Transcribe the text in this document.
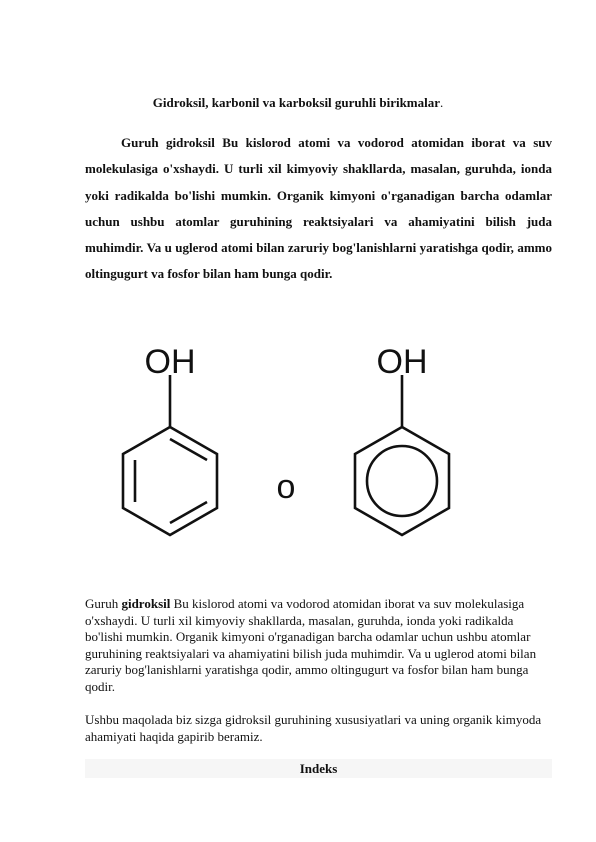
Gidroksil, karbonil va karboksil guruhli birikmalar.
Guruh gidroksil Bu kislorod atomi va vodorod atomidan iborat va suv molekulasiga o'xshaydi. U turli xil kimyoviy shakllarda, masalan, guruhda, ionda yoki radikalda bo'lishi mumkin. Organik kimyoni o'rganadigan barcha odamlar uchun ushbu atomlar guruhining reaktsiyalari va ahamiyatini bilish juda muhimdir. Va u uglerod atomi bilan zaruriy bog'lanishlarni yaratishga qodir, ammo oltingugurt va fosfor bilan ham bunga qodir.
OH
o
OH
Guruh gidroksil Bu kislorod atomi va vodorod atomidan iborat va suv molekulasiga o'xshaydi. U turli xil kimyoviy shakllarda, masalan, guruhda, ionda yoki radikalda bo'lishi mumkin. Organik kimyoni o'rganadigan barcha odamlar uchun ushbu atomlar guruhining reaktsiyalari va ahamiyatini bilish juda muhimdir. Va u uglerod atomi bilan zaruriy bog'lanishlarni yaratishga qodir, ammo oltingugurt va fosfor bilan ham bunga qodir.
Ushbu maqolada biz sizga gidroksil guruhining xususiyatlari va uning organik kimyoda ahamiyati haqida gapirib beramiz.
Indeks
